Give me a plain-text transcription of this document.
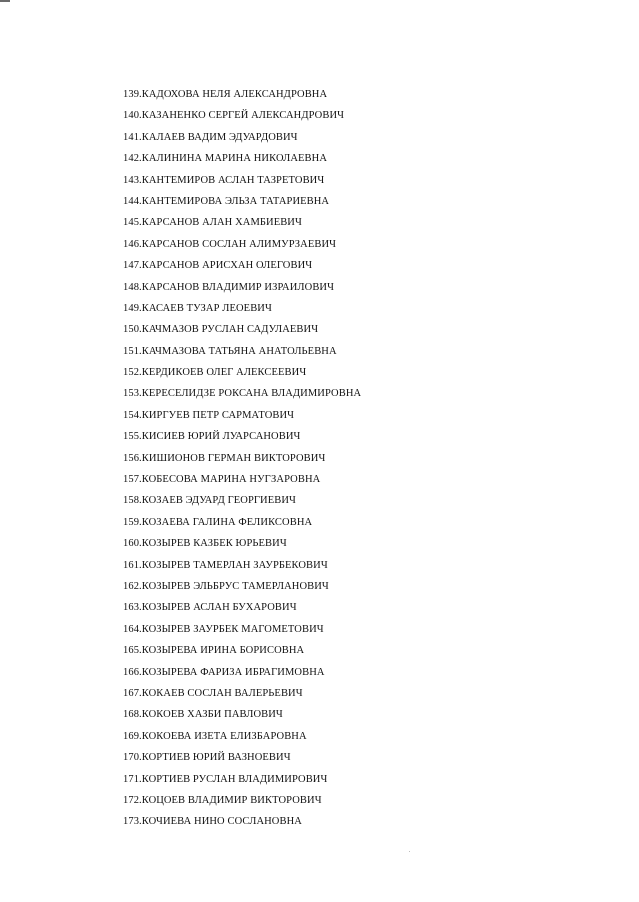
139.КАДОХОВА НЕЛЯ АЛЕКСАНДРОВНА
140.КАЗАНЕНКО СЕРГЕЙ АЛЕКСАНДРОВИЧ
141.КАЛАЕВ ВАДИМ ЭДУАРДОВИЧ
142.КАЛИНИНА МАРИНА НИКОЛАЕВНА
143.КАНТЕМИРОВ АСЛАН ТАЗРЕТОВИЧ
144.КАНТЕМИРОВА ЭЛЬЗА ТАТАРИЕВНА
145.КАРСАНОВ АЛАН ХАМБИЕВИЧ
146.КАРСАНОВ СОСЛАН АЛИМУРЗАЕВИЧ
147.КАРСАНОВ АРИСХАН ОЛЕГОВИЧ
148.КАРСАНОВ ВЛАДИМИР ИЗРАИЛОВИЧ
149.КАСАЕВ ТУЗАР ЛЕОЕВИЧ
150.КАЧМАЗОВ РУСЛАН САДУЛАЕВИЧ
151.КАЧМАЗОВА ТАТЬЯНА АНАТОЛЬЕВНА
152.КЕРДИКОЕВ ОЛЕГ АЛЕКСЕЕВИЧ
153.КЕРЕСЕЛИДЗЕ РОКСАНА ВЛАДИМИРОВНА
154.КИРГУЕВ ПЕТР САРМАТОВИЧ
155.КИСИЕВ ЮРИЙ ЛУАРСАНОВИЧ
156.КИШИОНОВ ГЕРМАН ВИКТОРОВИЧ
157.КОБЕСОВА МАРИНА НУГЗАРОВНА
158.КОЗАЕВ ЭДУАРД ГЕОРГИЕВИЧ
159.КОЗАЕВА ГАЛИНА ФЕЛИКСОВНА
160.КОЗЫРЕВ КАЗБЕК ЮРЬЕВИЧ
161.КОЗЫРЕВ ТАМЕРЛАН ЗАУРБЕКОВИЧ
162.КОЗЫРЕВ ЭЛЬБРУС ТАМЕРЛАНОВИЧ
163.КОЗЫРЕВ АСЛАН БУХАРОВИЧ
164.КОЗЫРЕВ ЗАУРБЕК МАГОМЕТОВИЧ
165.КОЗЫРЕВА ИРИНА БОРИСОВНА
166.КОЗЫРЕВА ФАРИЗА ИБРАГИМОВНА
167.КОКАЕВ СОСЛАН ВАЛЕРЬЕВИЧ
168.КОКОЕВ ХАЗБИ ПАВЛОВИЧ
169.КОКОЕВА ИЗЕТА ЕЛИЗБАРОВНА
170.КОРТИЕВ ЮРИЙ ВАЗНОЕВИЧ
171.КОРТИЕВ РУСЛАН ВЛАДИМИРОВИЧ
172.КОЦОЕВ ВЛАДИМИР ВИКТОРОВИЧ
173.КОЧИЕВА НИНО СОСЛАНОВНА
